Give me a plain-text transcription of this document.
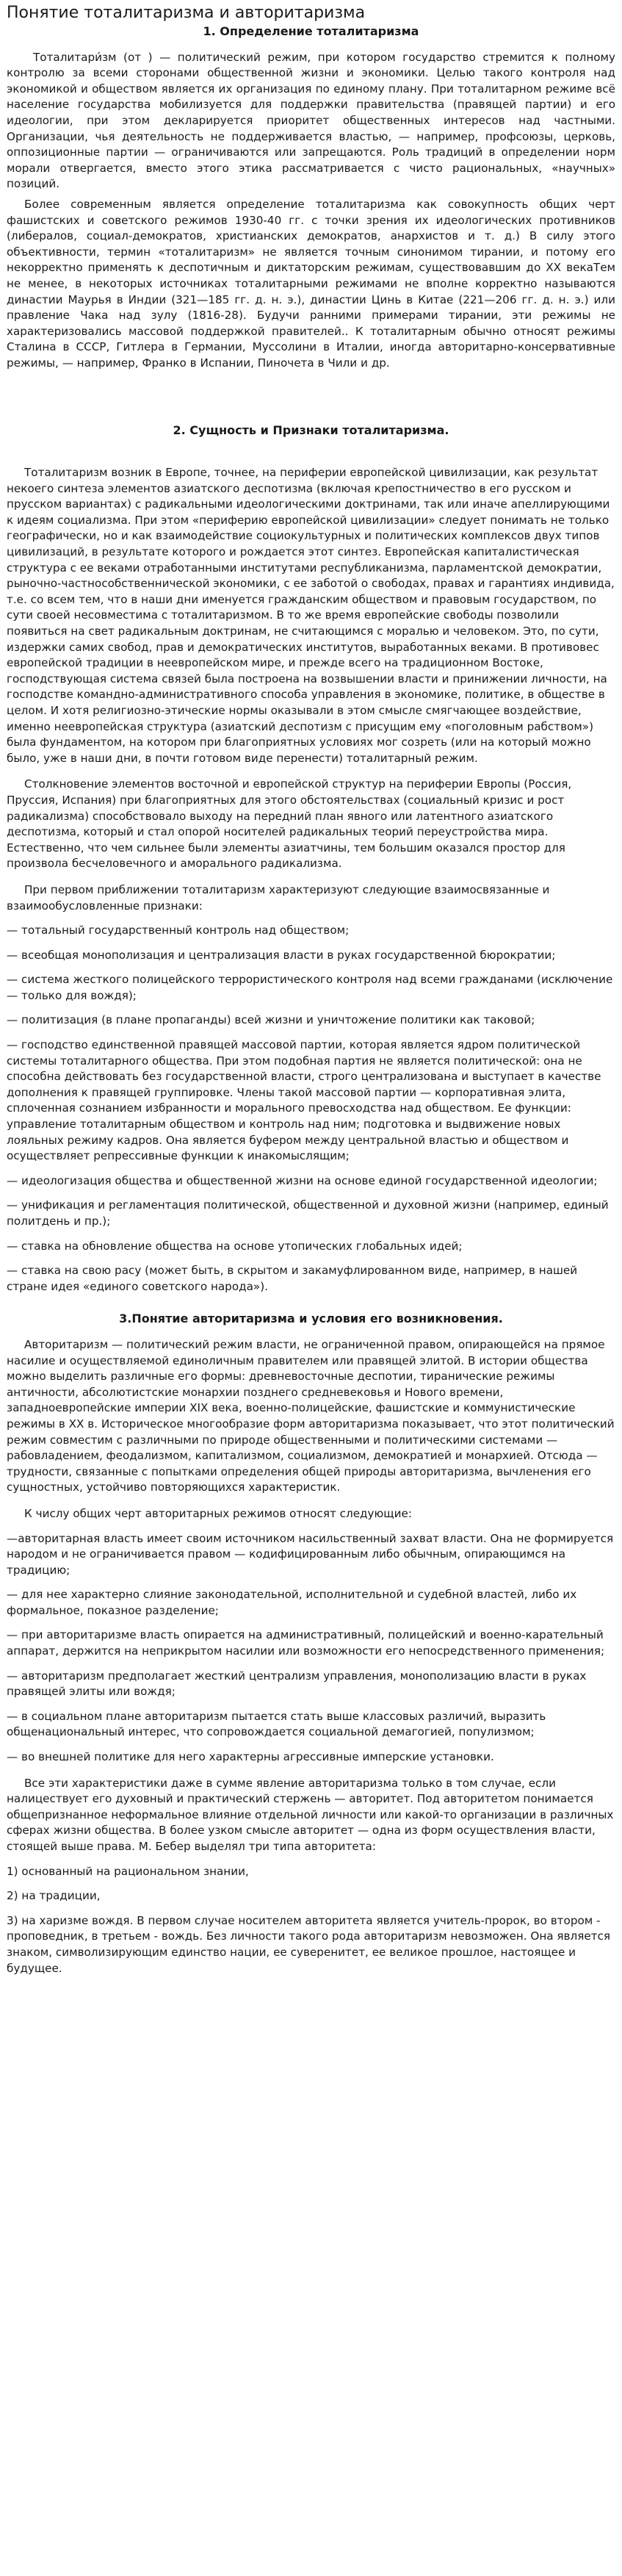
Понятие тоталитаризма и авторитаризма

1. Определение тоталитаризма

Тоталитари́зм (от ) — политический режим, при котором государство стремится к полному контролю за всеми сторонами общественной жизни и экономики. Целью такого контроля над экономикой и обществом является их организация по единому плану. При тоталитарном режиме всё население государства мобилизуется для поддержки правительства (правящей партии) и его идеологии, при этом декларируется приоритет общественных интересов над частными. Организации, чья деятельность не поддерживается властью, — например, профсоюзы, церковь, оппозиционные партии — ограничиваются или запрещаются. Роль традиций в определении норм морали отвергается, вместо этого этика рассматривается с чисто рациональных, «научных» позиций.

Более современным является определение тоталитаризма как совокупность общих черт фашистских и советского режимов 1930-40 гг. с точки зрения их идеологических противников (либералов, социал-демократов, христианских демократов, анархистов и т. д.) В силу этого объективности, термин «тоталитаризм» не является точным синонимом тирании, и потому его некорректно применять к деспотичным и диктаторским режимам, существовавшим до XX векаТем не менее, в некоторых источниках тоталитарными режимами не вполне корректно называются династии Маурья в Индии (321—185 гг. д. н. э.), династии Цинь в Китае (221—206 гг. д. н. э.) или правление Чака над зулу (1816-28). Будучи ранними примерами тирании, эти режимы не характеризовались массовой поддержкой правителей.. К тоталитарным обычно относят режимы Сталина в СССР, Гитлера в Германии, Муссолини в Италии, иногда авторитарно-консервативные режимы, — например, Франко в Испании, Пиночета в Чили и др.

2. Сущность и Признаки тоталитаризма.

Тоталитаризм возник в Европе, точнее, на периферии европейской цивилизации, как результат некоего синтеза элементов азиатского деспотизма (включая крепостничество в его русском и прусском вариантах) с радикальными идеологическими доктринами, так или иначе апеллирующими к идеям социализма. При этом «периферию европейской цивилизации» следует понимать не только географически, но и как взаимодействие социокультурных и политических комплексов двух типов цивилизаций, в результате которого и рождается этот синтез. Европейская капиталистическая структура с ее веками отработанными институтами республиканизма, парламентской демократии, рыночно-частнособственнической экономики, с ее заботой о свободах, правах и гарантиях индивида, т.е. со всем тем, что в наши дни именуется гражданским обществом и правовым государством, по сути своей несовместима с тоталитаризмом. В то же время европейские свободы позволили появиться на свет радикальным доктринам, не считающимся с моралью и человеком. Это, по сути, издержки самих свобод, прав и демократических институтов, выработанных веками. В противовес европейской традиции в неевропейском мире, и прежде всего на традиционном Востоке, господствующая система связей была построена на возвышении власти и принижении личности, на господстве командно-административного способа управления в экономике, политике, в обществе в целом. И хотя религиозно-этические нормы оказывали в этом смысле смягчающее воздействие, именно неевропейская структура (азиатский деспотизм с присущим ему «поголовным рабством») была фундаментом, на котором при благоприятных условиях мог созреть (или на который можно было, уже в наши дни, в почти готовом виде перенести) тоталитарный режим.

Столкновение элементов восточной и европейской структур на периферии Европы (Россия, Пруссия, Испания) при благоприятных для этого обстоятельствах (социальный кризис и рост радикализма) способствовало выходу на передний план явного или латентного азиатского деспотизма, который и стал опорой носителей радикальных теорий переустройства мира. Естественно, что чем сильнее были элементы азиатчины, тем большим оказался простор для произвола бесчеловечного и аморального радикализма.

При первом приближении тоталитаризм характеризуют следующие взаимосвязанные и взаимообусловленные признаки:

— тотальный государственный контроль над обществом;

— всеобщая монополизация и централизация власти в руках государственной бюрократии;

— система жесткого полицейского террористического контроля над всеми гражданами (исключение — только для вождя);

— политизация (в плане пропаганды) всей жизни и уничтожение политики как таковой;

— господство единственной правящей массовой партии, которая является ядром политической системы тоталитарного общества. При этом подобная партия не является политической: она не способна действовать без государственной власти, строго централизована и выступает в качестве дополнения к правящей группировке. Члены такой массовой партии — корпоративная элита, сплоченная сознанием избранности и морального превосходства над обществом. Ее функции: управление тоталитарным обществом и контроль над ним; подготовка и выдвижение новых лояльных режиму кадров. Она является буфером между центральной властью и обществом и осуществляет репрессивные функции к инакомыслящим;

— идеологизация общества и общественной жизни на основе единой государственной идеологии;

— унификация и регламентация политической, общественной и духовной жизни (например, единый политдень и пр.);

— ставка на обновление общества на основе утопических глобальных идей;

— ставка на свою расу (может быть, в скрытом и закамуфлированном виде, например, в нашей стране идея «единого советского народа»).

3.Понятие авторитаризма и условия его возникновения.

Авторитаризм — политический режим власти, не ограниченной правом, опирающейся на прямое насилие и осуществляемой единоличным правителем или правящей элитой. В истории общества можно выделить различные его формы: древневосточные деспотии, тиранические режимы античности, абсолютистские монархии позднего средневековья и Нового времени, западноевропейские империи XIX века, военно-полицейские, фашистские и коммунистические режимы в XX в. Историческое многообразие форм авторитаризма показывает, что этот политический режим совместим с различными по природе общественными и политическими системами — рабовладением, феодализмом, капитализмом, социализмом, демократией и монархией. Отсюда — трудности, связанные с попытками определения общей природы авторитаризма, вычленения его сущностных, устойчиво повторяющихся характеристик.

К числу общих черт авторитарных режимов относят следующие:

—авторитарная власть имеет своим источником насильственный захват власти. Она не формируется народом и не ограничивается правом — кодифицированным либо обычным, опирающимся на традицию;

— для нее характерно слияние законодательной, исполнительной и судебной властей, либо их формальное, показное разделение;

— при авторитаризме власть опирается на административный, полицейский и военно-карательный аппарат, держится на неприкрытом насилии или возможности его непосредственного применения;

— авторитаризм предполагает жесткий централизм управления, монополизацию власти в руках правящей элиты или вождя;

— в социальном плане авторитаризм пытается стать выше классовых различий, выразить общенациональный интерес, что сопровождается социальной демагогией, популизмом;

— во внешней политике для него характерны агрессивные имперские установки.

Все эти характеристики даже в сумме явление авторитаризма только в том случае, если налицествует его духовный и практический стержень — авторитет. Под авторитетом понимается общепризнанное неформальное влияние отдельной личности или какой-то организации в различных сферах жизни общества. В более узком смысле авторитет — одна из форм осуществления власти, стоящей выше права. М. Бебер выделял три типа авторитета:

1) основанный на рациональном знании,

2) на традиции,

3) на харизме вождя. В первом случае носителем авторитета является учитель-пророк, во втором - проповедник, в третьем - вождь. Без личности такого рода авторитаризм невозможен. Она является знаком, символизирующим единство нации, ее суверенитет, ее великое прошлое, настоящее и будущее.
